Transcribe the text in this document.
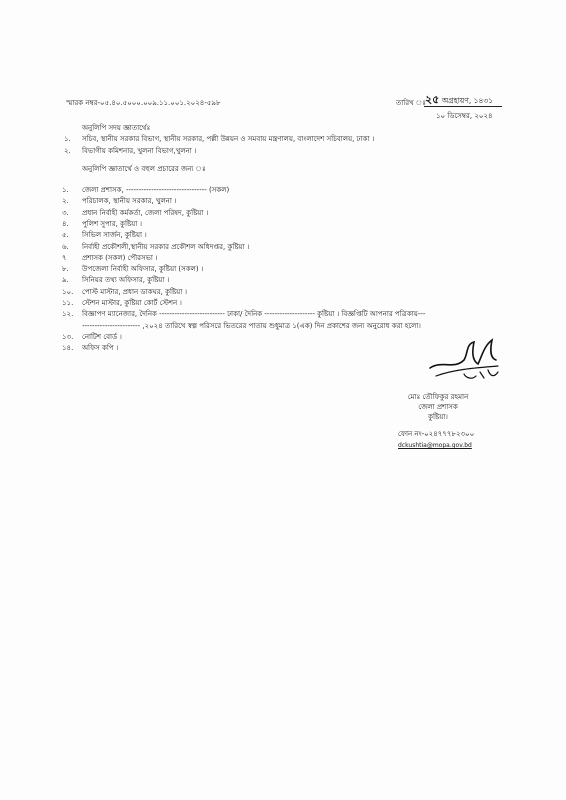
স্মারক নম্বর-০৫.৪০.৫০০০.০০৯.১১.০০১.২০২৪-৫৯৮	তারিখ ঃ ২৫ অগ্রহায়ণ, ১৪৩১
১০ ডিসেম্বর, ২০২৪
অনুলিপি সদয় জ্ঞাতার্থেঃ
১. সচিব, স্থানীয় সরকার বিভাগ, স্থানীয় সরকার, পল্লী উন্নয়ন ও সমবায় মন্ত্রণালয়, বাংলাদেশ সচিবালয়, ঢাকা ।
২. বিভাগীয় কমিশনার, খুলনা বিভাগ,খুলনা ।
অনুলিপি জ্ঞাতার্থে ও বহুল প্রচারের জন্য ঃ
১. জেলা প্রশাসক, -------------------------------- (সকল)
২. পরিচালক, স্থানীয় সরকার, খুলনা ।
৩. প্রধান নির্বাহী কর্মকর্তা, জেলা পরিষদ, কুষ্টিয়া ।
৪. পুলিশ সুপার, কুষ্টিয়া ।
৫. সিভিল সার্জন, কুষ্টিয়া ।
৬. নির্বাহী প্রকৌশলী,স্থানীয় সরকার প্রকৌশল অধিদপ্তর, কুষ্টিয়া ।
৭ প্রশাসক (সকল) পৌরসভা ।
৮. উপজেলা নির্বাহী অফিসার, কুষ্টিয়া (সকল) ।
৯. সিনিয়র তথ্য অফিসার, কুষ্টিয়া ।
১০. পোস্ট মাস্টার, প্রধান ডাকঘর, কুষ্টিয়া ।
১১. স্টেশন মাস্টার, কুষ্টিয়া কোর্ট স্টেশন ।
১২. বিজ্ঞাপণ ম্যানেজার, দৈনিক -------------------------- ঢাকা/ দৈনিক -------------------- কুষ্টিয়া । বিজ্ঞপ্তিটি আপনার পত্রিকায়---
----------------------- ,২০২৪ তারিখে স্বল্প পরিসরে ভিতরের পাতায় শুধুমাত্র ১(এক) দিন প্রকাশের জন্য অনুরোধ করা হলো।
১৩. নোটিশ বোর্ড ।
১৪. অফিস কপি ।
মোঃ তৌফিকুর রহমান
জেলা প্রশাসক
কুষ্টিয়া।
ফোন নং-০২৪৭৭৭৮২৩০০
dckushtia@mopa.gov.bd
